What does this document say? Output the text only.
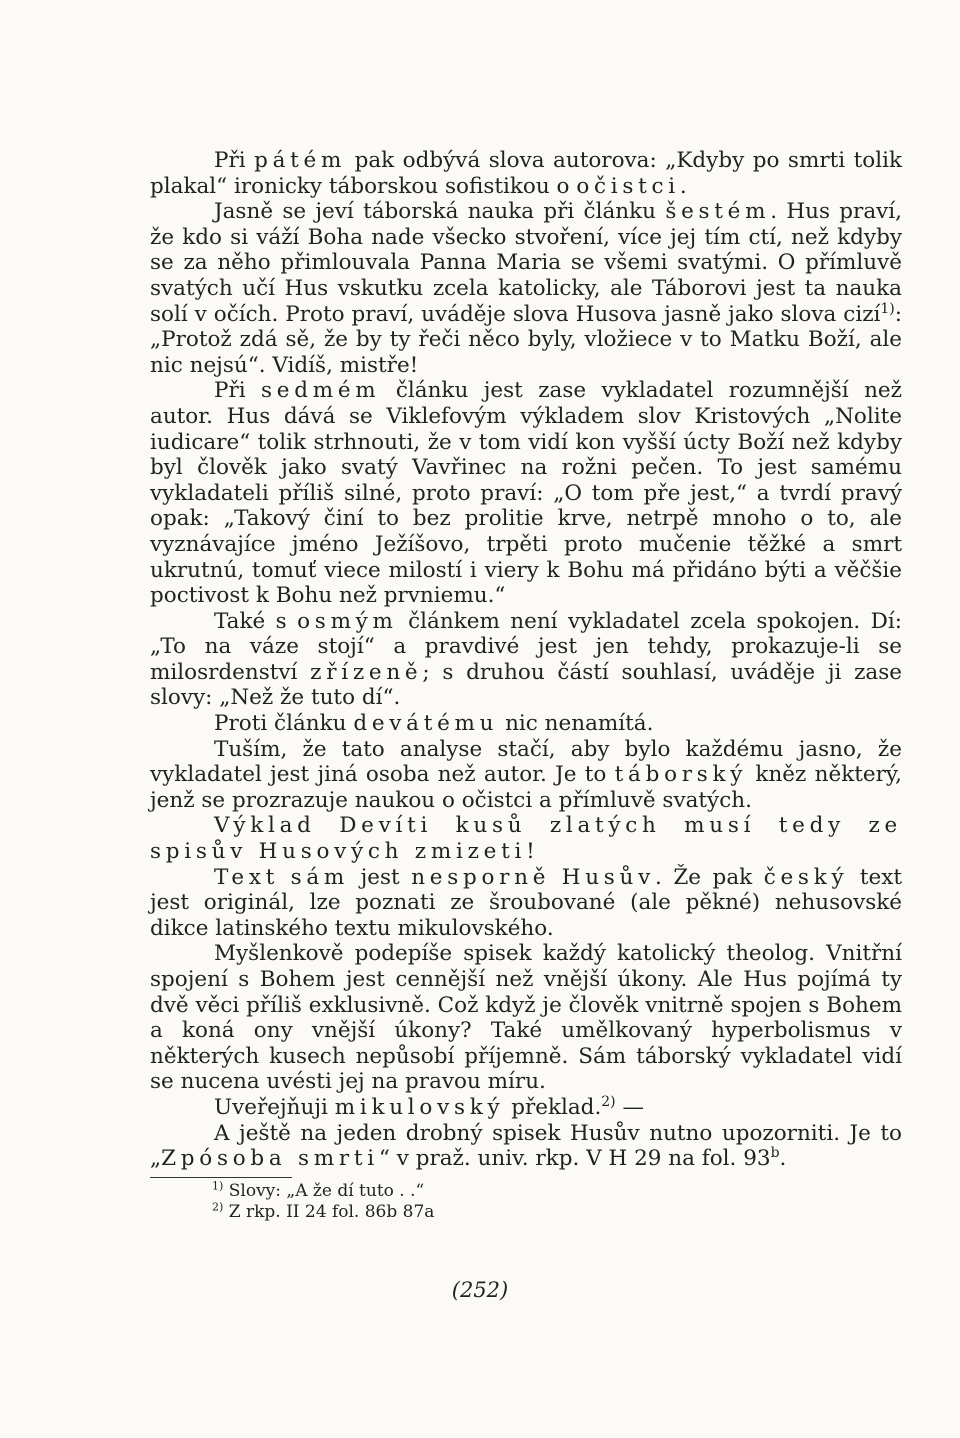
Při pátém pak odbývá slova autorova: „Kdyby po smrti tolik plakal“ ironicky táborskou sofistikou o očistci.

Jasně se jeví táborská nauka při článku šestém. Hus praví, že kdo si váží Boha nade všecko stvoření, více jej tím ctí, než kdyby se za něho přimlouvala Panna Maria se všemi svatými. O přímluvě svatých učí Hus vskutku zcela katolicky, ale Táborovi jest ta nauka solí v očích. Proto praví, uváděje slova Husova jasně jako slova cizí$^{1)}$: „Protož zdá sě, že by ty řeči něco byly, vložiece v to Matku Boží, ale nic nejsú“. Vidíš, mistře!

Při sedmém článku jest zase vykladatel rozumnější než autor. Hus dává se Viklefovým výkladem slov Kristových „Nolite iudicare“ tolik strhnouti, že v tom vidí kon vyšší úcty Boží než kdyby byl člověk jako svatý Vavřinec na rožni pečen. To jest samému vykladateli příliš silné, proto praví: „O tom pře jest,“ a tvrdí pravý opak: „Takový činí to bez prolitie krve, netrpě mnoho o to, ale vyznávajíce jméno Ježíšovo, trpěti proto mučenie těžké a smrt ukrutnú, tomuť viece milostí i viery k Bohu má přidáno býti a věčšie poctivost k Bohu než prvniemu.“

Také s osmým článkem není vykladatel zcela spokojen. Dí: „To na váze stojí“ a pravdivé jest jen tehdy, prokazuje-li se milosrdenství zřízeně; s druhou částí souhlasí, uváděje ji zase slovy: „Než že tuto dí“.

Proti článku devátému nic nenamítá.

Tuším, že tato analyse stačí, aby bylo každému jasno, že vykladatel jest jiná osoba než autor. Je to táborský kněz některý, jenž se prozrazuje naukou o očistci a přímluvě svatých.

Výklad Devíti kusů zlatých musí tedy ze spisův Husových zmizeti!

Text sám jest nesporně Husův. Že pak český text jest originál, lze poznati ze šroubované (ale pěkné) nehusovské dikce latinského textu mikulovského.

Myšlenkově podepíše spisek každý katolický theolog. Vnitřní spojení s Bohem jest cennější než vnější úkony. Ale Hus pojímá ty dvě věci příliš exklusivně. Což když je člověk vnitrně spojen s Bohem a koná ony vnější úkony? Také umělkovaný hyperbolismus v některých kusech nepůsobí příjemně. Sám táborský vykladatel vidí se nucena uvésti jej na pravou míru.

Uveřejňuji mikulovský překlad.$^{2)}$ —

A ještě na jeden drobný spisek Husův nutno upozorniti. Je to „Zpósoba smrti“ v praž. univ. rkp. V H 29 na fol. 93$^b$.

$^{1)}$ Slovy: „A že dí tuto . .“
$^{2)}$ Z rkp. II 24 fol. 86b 87a
(252)
